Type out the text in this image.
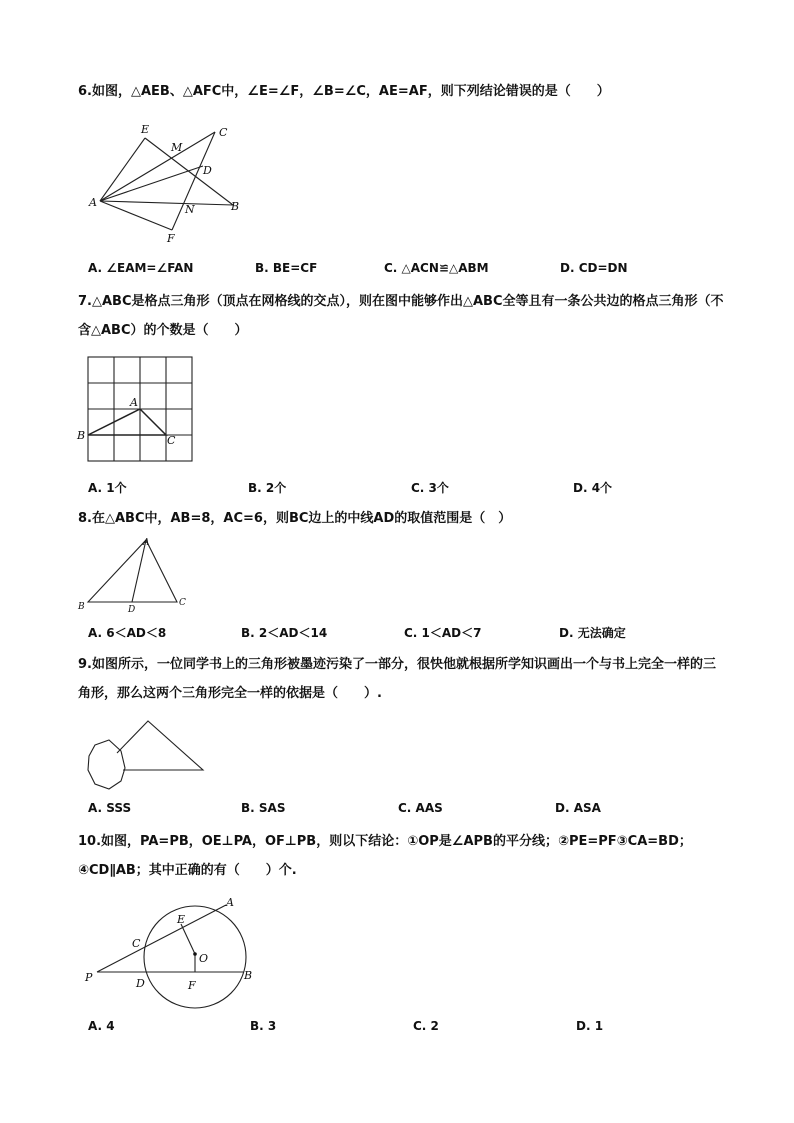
6.如图，△AEB、△AFC中，∠E=∠F，∠B=∠C，AE=AF，则下列结论错误的是（　　）
A
E
M
C
D
N	B
F
A. ∠EAM=∠FAN	B. BE=CF	C. △ACN≌△ABM	D. CD=DN
7.△ABC是格点三角形（顶点在网格线的交点），则在图中能够作出△ABC全等且有一条公共边的格点三角形（不含△ABC）的个数是（　　）
A
B	C
A. 1个	B. 2个	C. 3个	D. 4个
8.在△ABC中，AB=8，AC=6，则BC边上的中线AD的取值范围是（　）
A
B	D
C
A. 6＜AD＜8	B. 2＜AD＜14	C. 1＜AD＜7	D. 无法确定
9.如图所示，一位同学书上的三角形被墨迹污染了一部分，很快他就根据所学知识画出一个与书上完全一样的三角形，那么这两个三角形完全一样的依据是（　　）.
A. SSS	B. SAS	C. AAS	D. ASA
10.如图，PA=PB，OE⊥PA，OF⊥PB，则以下结论：①OP是∠APB的平分线；②PE=PF③CA=BD；④CD∥AB；其中正确的有（　　）个.
A
E
C
O
P	D	F
B
A. 4	B. 3	C. 2	D. 1
